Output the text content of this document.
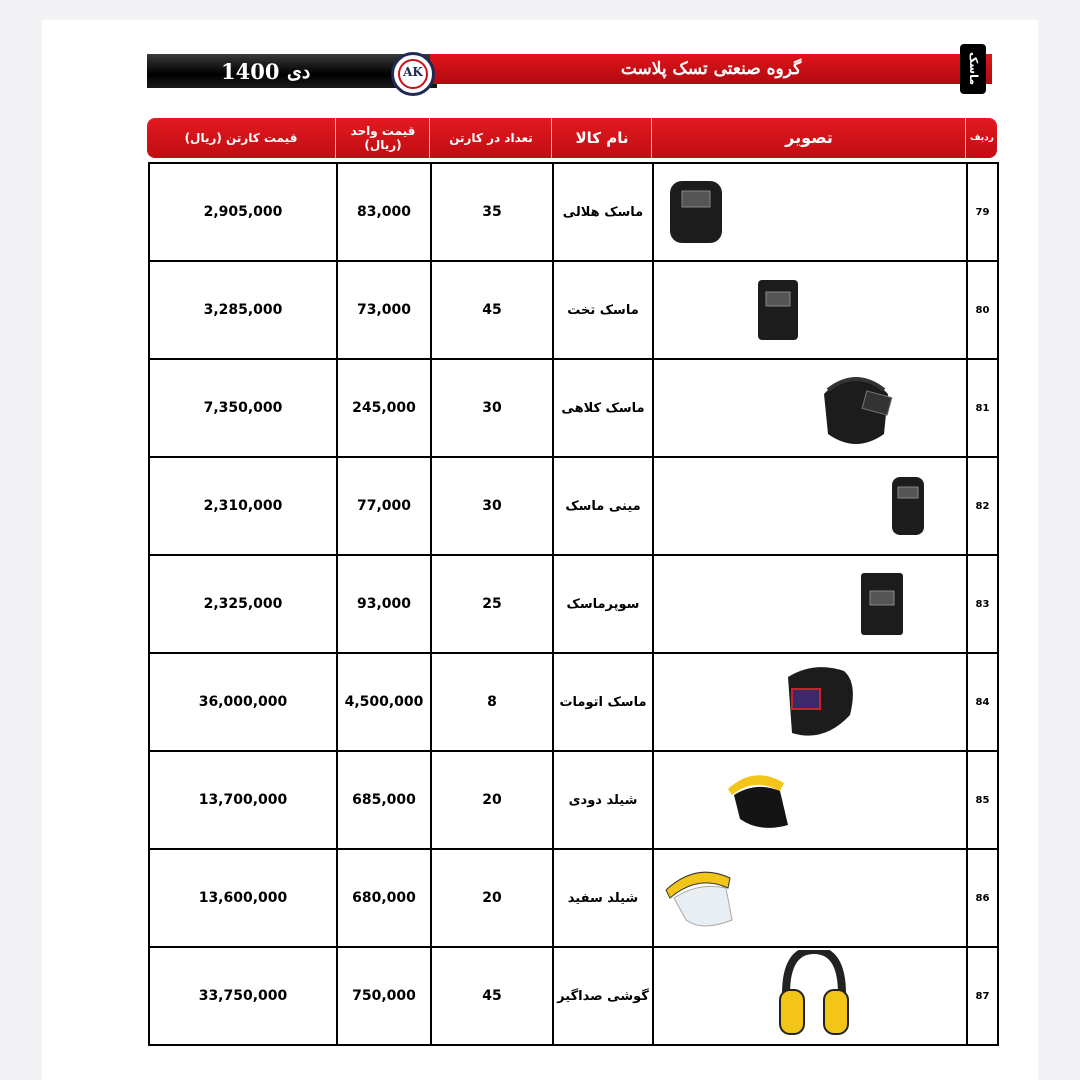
1400 دی	گروه صنعتی تسک پلاست
AK	ماسک
قیمت کارتن (ریال)	قیمت واحد (ریال)	تعداد در کارتن	نام کالا	تصویر	ردیف
2,905,000	83,000	35	ماسک هلالی		79
3,285,000	73,000	45	ماسک تخت		80
7,350,000	245,000	30	ماسک کلاهی		81
2,310,000	77,000	30	مینی ماسک		82
2,325,000	93,000	25	سوپرماسک		83
36,000,000	4,500,000	8	ماسک اتومات		84
13,700,000	685,000	20	شیلد دودی		85
13,600,000	680,000	20	شیلد سفید		86
33,750,000	750,000	45	گوشی صداگیر		87
